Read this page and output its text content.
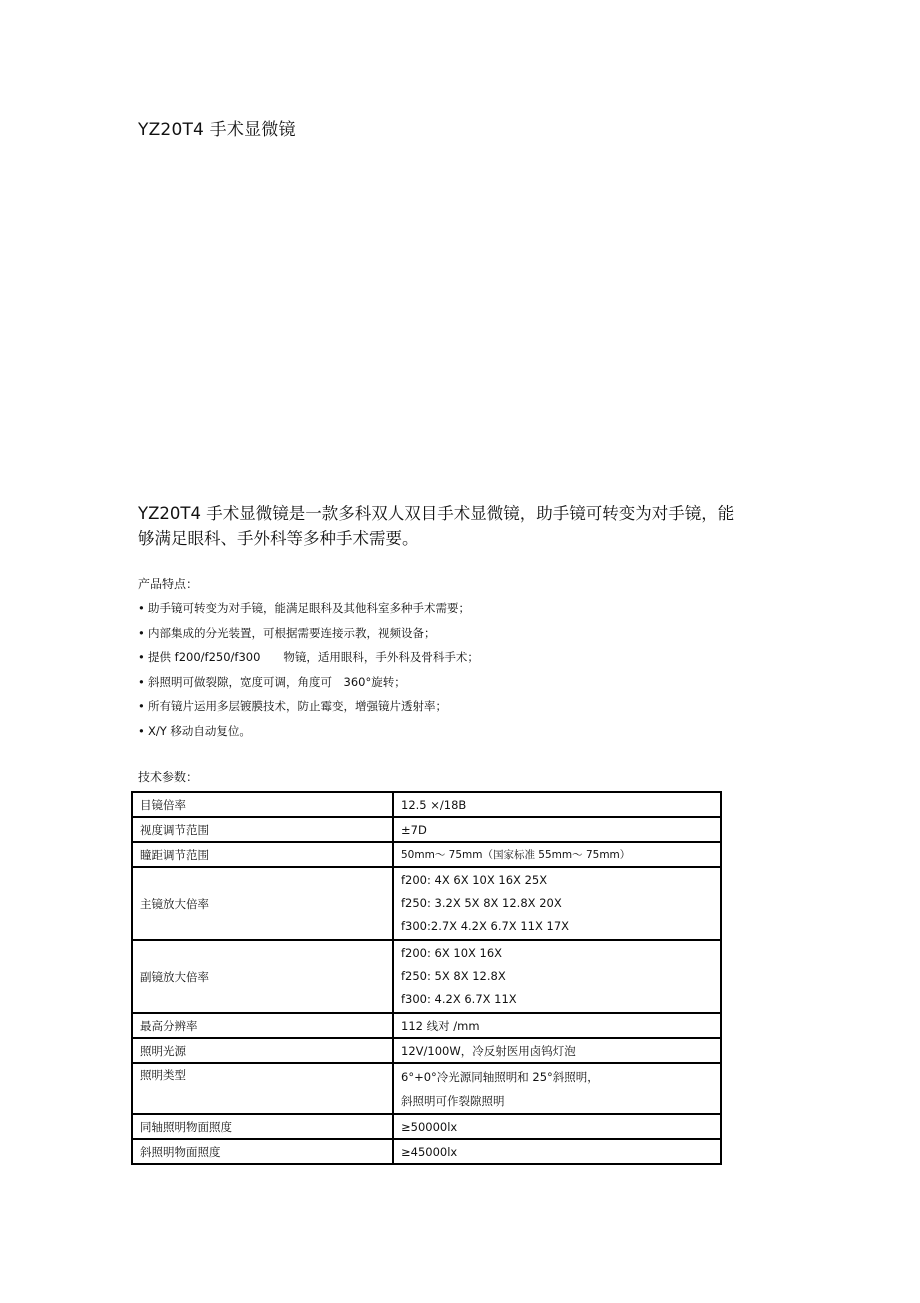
YZ20T4 手术显微镜
YZ20T4 手术显微镜是一款多科双人双目手术显微镜，助手镜可转变为对手镜，能够满足眼科、手外科等多种手术需要。
产品特点：
• 助手镜可转变为对手镜，能满足眼科及其他科室多种手术需要；
• 内部集成的分光装置，可根据需要连接示教，视频设备；
• 提供 f200/f250/f300　　物镜，适用眼科，手外科及骨科手术；
• 斜照明可做裂隙，宽度可调，角度可　360°旋转；
• 所有镜片运用多层镀膜技术，防止霉变，增强镜片透射率；
• X/Y 移动自动复位。
技术参数：
目镜倍率	12.5 ×/18B
视度调节范围	±7D
瞳距调节范围	50mm～ 75mm（国家标准 55mm～ 75mm）
主镜放大倍率	f200: 4X 6X 10X 16X 25X
f250: 3.2X 5X 8X 12.8X 20X
f300:2.7X 4.2X 6.7X 11X 17X

副镜放大倍率	f200: 6X 10X 16X
f250: 5X 8X 12.8X
f300: 4.2X 6.7X 11X

最高分辨率	112 线对 /mm
照明光源	12V/100W，冷反射医用卤钨灯泡
照明类型	6°+0°冷光源同轴照明和 25°斜照明，
斜照明可作裂隙照明

同轴照明物面照度	≥50000lx
斜照明物面照度	≥45000lx
